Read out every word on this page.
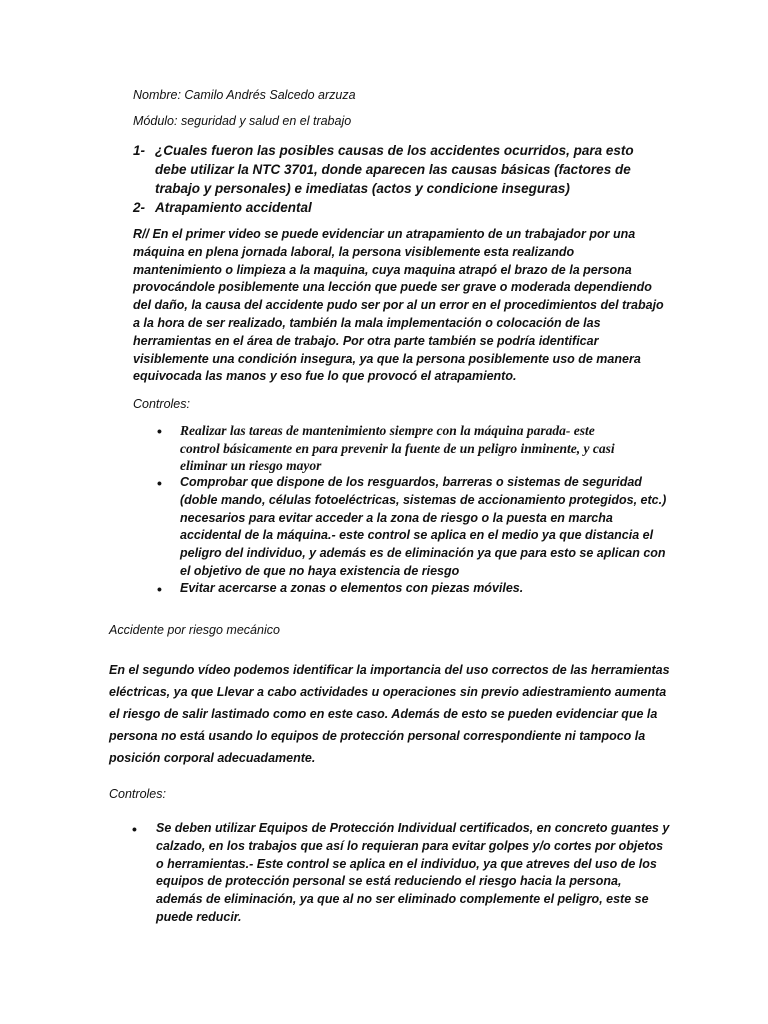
Nombre: Camilo Andrés Salcedo arzuza
Módulo: seguridad y salud en el trabajo
1- ¿Cuales fueron las posibles causas de los accidentes ocurridos, para esto
debe utilizar la NTC 3701, donde aparecen las causas básicas (factores de
trabajo y personales) e imediatas (actos y condicione inseguras)
2- Atrapamiento accidental
R// En el primer video se puede evidenciar un atrapamiento de un trabajador por una
máquina en plena jornada laboral, la persona visiblemente esta realizando
mantenimiento o limpieza a la maquina, cuya maquina atrapó el brazo de la persona
provocándole posiblemente una lección que puede ser grave o moderada dependiendo
del daño, la causa del accidente pudo ser por al un error en el procedimientos del trabajo
a la hora de ser realizado, también la mala implementación o colocación de las
herramientas en el área de trabajo. Por otra parte también se podría identificar
visiblemente una condición insegura, ya que la persona posiblemente uso de manera
equivocada las manos y eso fue lo que provocó el atrapamiento.
Controles:
• Realizar las tareas de mantenimiento siempre con la máquina parada- este
control básicamente en para prevenir la fuente de un peligro inminente, y casi
eliminar un riesgo mayor
• Comprobar que dispone de los resguardos, barreras o sistemas de seguridad
(doble mando, células fotoeléctricas, sistemas de accionamiento protegidos, etc.)
necesarios para evitar acceder a la zona de riesgo o la puesta en marcha
accidental de la máquina.- este control se aplica en el medio ya que distancia el
peligro del individuo, y además es de eliminación ya que para esto se aplican con
el objetivo de que no haya existencia de riesgo
• Evitar acercarse a zonas o elementos con piezas móviles.
Accidente por riesgo mecánico
En el segundo vídeo podemos identificar la importancia del uso correctos de las herramientas
eléctricas, ya que Llevar a cabo actividades u operaciones sin previo adiestramiento aumenta
el riesgo de salir lastimado como en este caso. Además de esto se pueden evidenciar que la
persona no está usando lo equipos de protección personal correspondiente ni tampoco la
posición corporal adecuadamente.
Controles:
• Se deben utilizar Equipos de Protección Individual certificados, en concreto guantes y
calzado, en los trabajos que así lo requieran para evitar golpes y/o cortes por objetos
o herramientas.- Este control se aplica en el individuo, ya que atreves del uso de los
equipos de protección personal se está reduciendo el riesgo hacia la persona,
además de eliminación, ya que al no ser eliminado complemente el peligro, este se
puede reducir.
